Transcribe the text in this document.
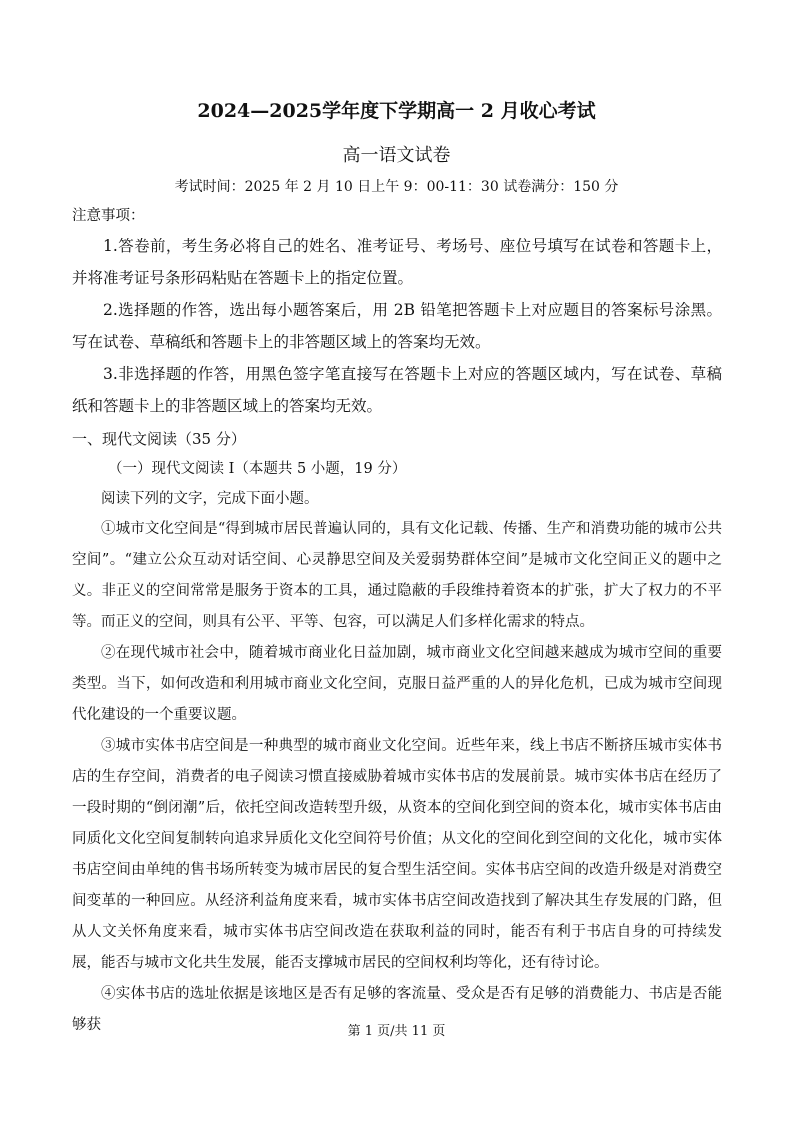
2024—2025学年度下学期高一 2 月收心考试
高一语文试卷
考试时间：2025 年 2 月 10 日上午 9：00-11：30 试卷满分：150 分
注意事项：

1.答卷前，考生务必将自己的姓名、准考证号、考场号、座位号填写在试卷和答题卡上，并将准考证号条形码粘贴在答题卡上的指定位置。

2.选择题的作答，选出每小题答案后，用 2B 铅笔把答题卡上对应题目的答案标号涂黑。写在试卷、草稿纸和答题卡上的非答题区域上的答案均无效。

3.非选择题的作答，用黑色签字笔直接写在答题卡上对应的答题区域内，写在试卷、草稿纸和答题卡上的非答题区域上的答案均无效。

一、现代文阅读（35 分）
（一）现代文阅读 I（本题共 5 小题，19 分）
阅读下列的文字，完成下面小题。

①城市文化空间是“得到城市居民普遍认同的，具有文化记载、传播、生产和消费功能的城市公共空间”。“建立公众互动对话空间、心灵静思空间及关爱弱势群体空间”是城市文化空间正义的题中之义。非正义的空间常常是服务于资本的工具，通过隐蔽的手段维持着资本的扩张，扩大了权力的不平等。而正义的空间，则具有公平、平等、包容，可以满足人们多样化需求的特点。

②在现代城市社会中，随着城市商业化日益加剧，城市商业文化空间越来越成为城市空间的重要类型。当下，如何改造和利用城市商业文化空间，克服日益严重的人的异化危机，已成为城市空间现代化建设的一个重要议题。

③城市实体书店空间是一种典型的城市商业文化空间。近些年来，线上书店不断挤压城市实体书店的生存空间，消费者的电子阅读习惯直接威胁着城市实体书店的发展前景。城市实体书店在经历了一段时期的“倒闭潮”后，依托空间改造转型升级，从资本的空间化到空间的资本化，城市实体书店由同质化文化空间复制转向追求异质化文化空间符号价值；从文化的空间化到空间的文化化，城市实体书店空间由单纯的售书场所转变为城市居民的复合型生活空间。实体书店空间的改造升级是对消费空间变革的一种回应。从经济利益角度来看，城市实体书店空间改造找到了解决其生存发展的门路，但从人文关怀角度来看，城市实体书店空间改造在获取利益的同时，能否有利于书店自身的可持续发展，能否与城市文化共生发展，能否支撑城市居民的空间权利均等化，还有待讨论。

④实体书店的选址依据是该地区是否有足够的客流量、受众是否有足够的消费能力、书店是否能够获	第 1 页/共 11 页
